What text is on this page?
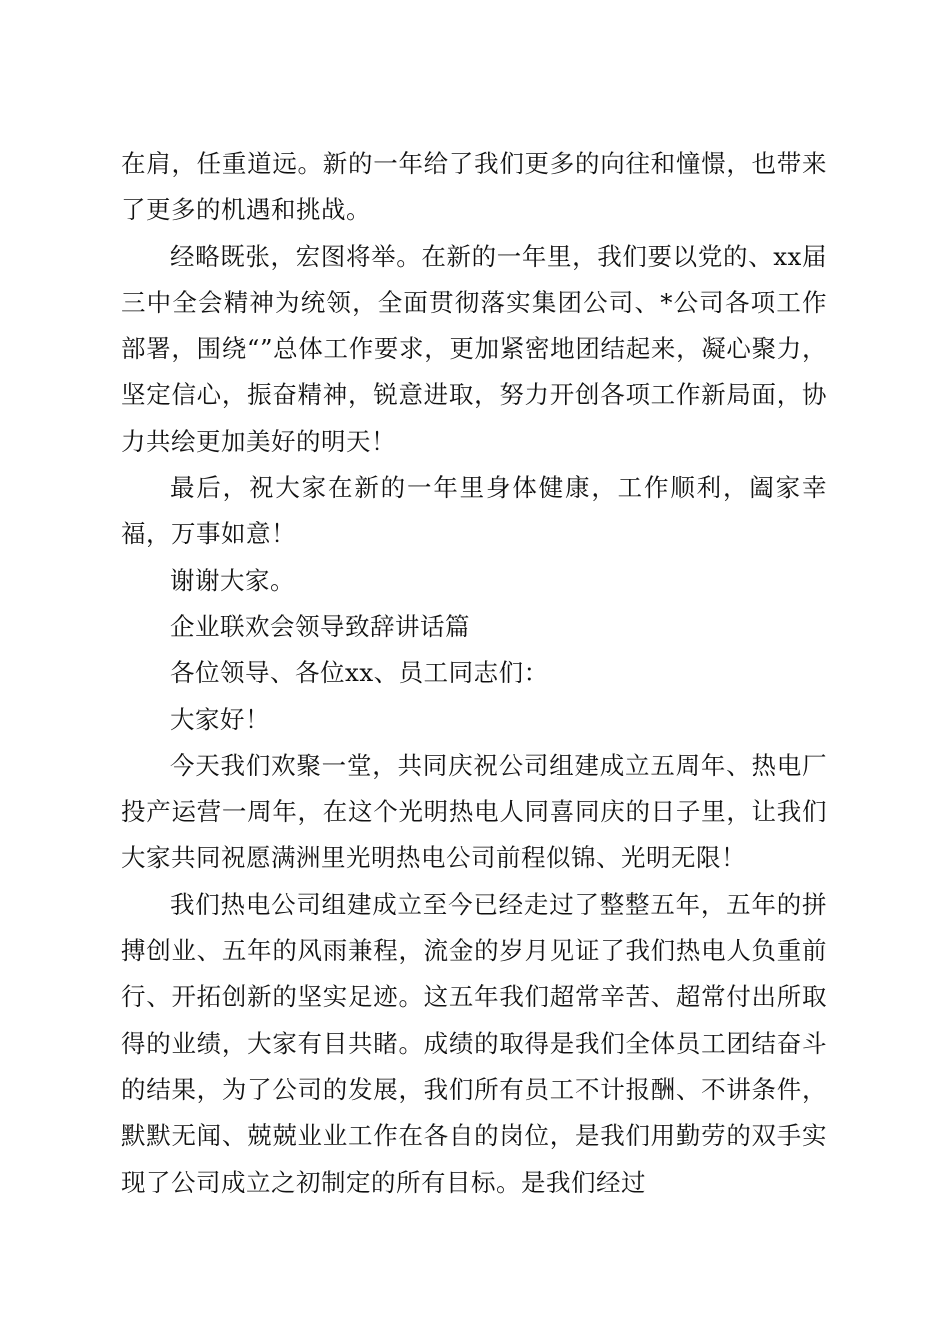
在肩，任重道远。新的一年给了我们更多的向往和憧憬，也带来了更多的机遇和挑战。

经略既张，宏图将举。在新的一年里，我们要以党的、xx届三中全会精神为统领，全面贯彻落实集团公司、*公司各项工作部署，围绕“”总体工作要求，更加紧密地团结起来，凝心聚力，坚定信心，振奋精神，锐意进取，努力开创各项工作新局面，协力共绘更加美好的明天！

最后，祝大家在新的一年里身体健康，工作顺利，阖家幸福，万事如意！

谢谢大家。

企业联欢会领导致辞讲话篇

各位领导、各位xx、员工同志们：

大家好！

今天我们欢聚一堂，共同庆祝公司组建成立五周年、热电厂投产运营一周年，在这个光明热电人同喜同庆的日子里，让我们大家共同祝愿满洲里光明热电公司前程似锦、光明无限！

我们热电公司组建成立至今已经走过了整整五年，五年的拼搏创业、五年的风雨兼程，流金的岁月见证了我们热电人负重前行、开拓创新的坚实足迹。这五年我们超常辛苦、超常付出所取得的业绩，大家有目共睹。成绩的取得是我们全体员工团结奋斗的结果，为了公司的发展，我们所有员工不计报酬、不讲条件，默默无闻、兢兢业业工作在各自的岗位，是我们用勤劳的双手实现了公司成立之初制定的所有目标。是我们经过
